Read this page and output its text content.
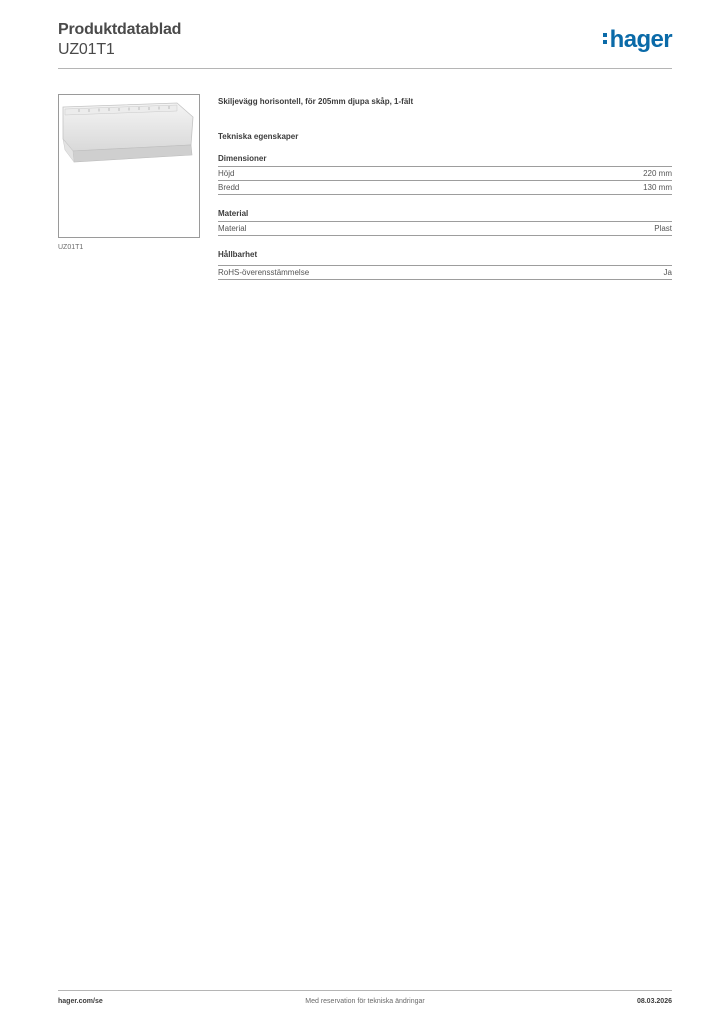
Produktdatablad
UZ01T1	hager
UZ01T1
Skiljevägg horisontell, för 205mm djupa skåp, 1-fält
Tekniska egenskaper
Dimensioner
Höjd	220 mm
Bredd	130 mm
Material
Material	Plast
Hållbarhet
RoHS-överensstämmelse	Ja
hager.com/se	Med reservation för tekniska ändringar	08.03.2026
